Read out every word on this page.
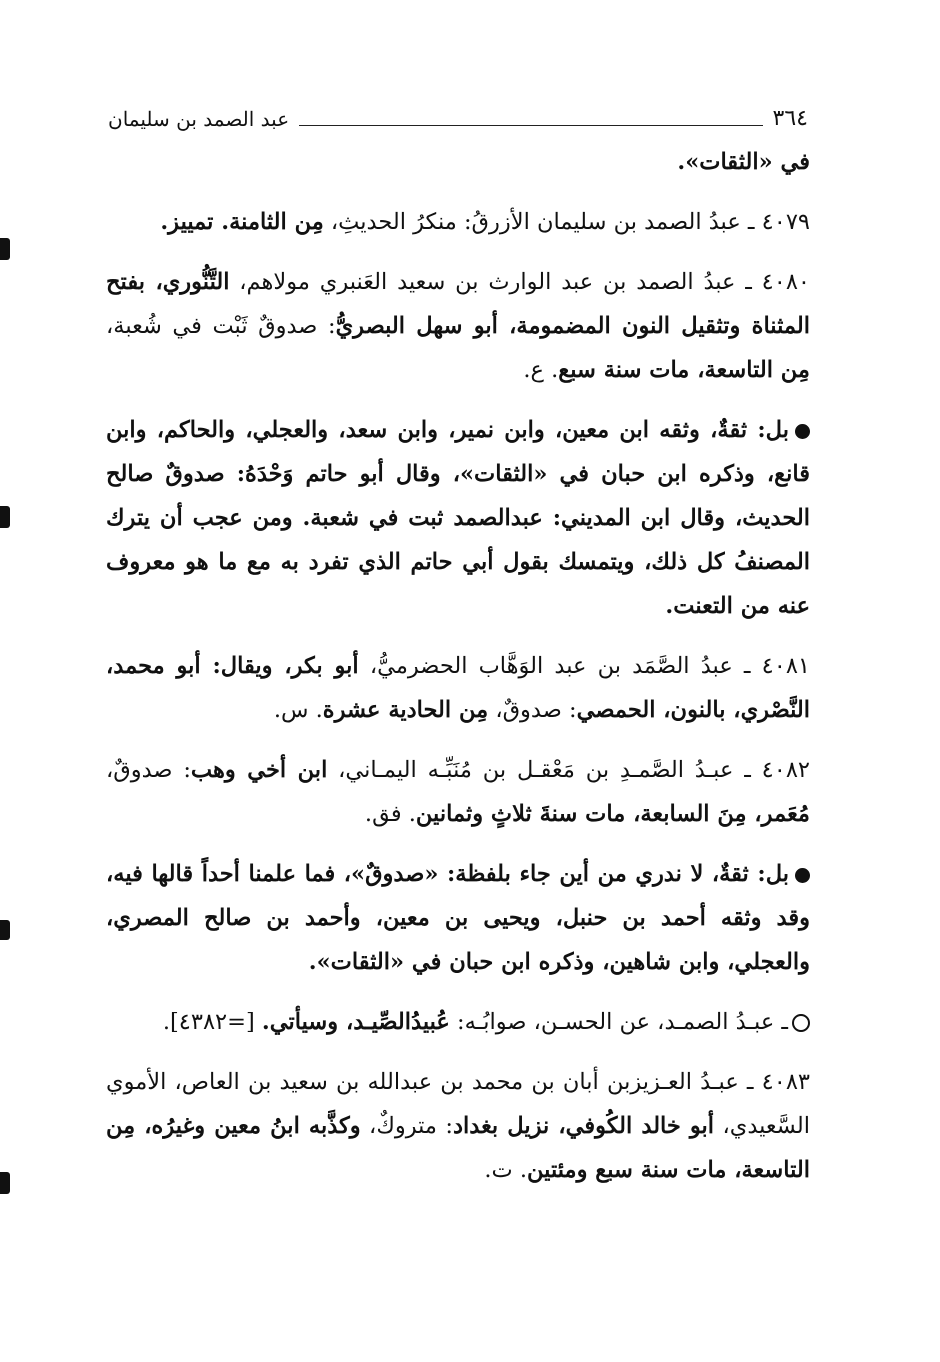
٣٦٤
عبد الصمد بن سليمان

في «الثقات».

٤٠٧٩ ـ عبدُ الصمد بن سليمان الأزرقُ: منكرُ الحديثِ، مِن الثامنة. تمييز.

٤٠٨٠ ـ عبدُ الصمد بن عبد الوارث بن سعيد العَنبري مولاهم، التَّنُّوري، بفتح المثناة وتثقيل النون المضمومة، أبو سهل البصريُّ: صدوقٌ ثَبْت في شُعبة، مِن التاسعة، مات سنة سبع. ع.

بل: ثقةٌ، وثقه ابن معين، وابن نمير، وابن سعد، والعجلي، والحاكم، وابن قانع، وذكره ابن حبان في «الثقات»، وقال أبو حاتم وَحْدَهُ: صدوقٌ صالح الحديث، وقال ابن المديني: عبدالصمد ثبت في شعبة. ومن عجب أن يترك المصنفُ كل ذلك، ويتمسك بقول أبي حاتم الذي تفرد به مع ما هو معروف عنه من التعنت.

٤٠٨١ ـ عبدُ الصَّمَد بن عبد الوَهَّاب الحضرميُّ، أبو بكر، ويقال: أبو محمد، النَّصْري، بالنون، الحمصي: صدوقٌ، مِن الحادية عشرة. س.

٤٠٨٢ ـ عبـدُ الصَّمـدِ بن مَعْقـل بن مُنَبِّـه اليمـاني، ابن أخي وهب: صدوقٌ، مُعَمر، مِنَ السابعة، مات سنةَ ثلاثٍ وثمانين. فق.

بل: ثقةٌ، لا ندري من أين جاء بلفظة: «صدوقٌ»، فما علمنا أحداً قالها فيه، وقد وثقه أحمد بن حنبل، ويحيى بن معين، وأحمد بن صالح المصري، والعجلي، وابن شاهين، وذكره ابن حبان في «الثقات».

ـ عبـدُ الصمـد، عن الحسـن، صوابُـه: عُبيدُالصِّيـد، وسيأتي. [=٤٣٨٢].

٤٠٨٣ ـ عبـدُ العـزيزبن أبان بن محمد بن عبدالله بن سعيد بن العاص، الأموي السَّعيدي، أبو خالد الكُوفي، نزيل بغداد: متروكٌ، وكذَّبه ابنُ معين وغيرُه، مِن التاسعة، مات سنة سبع ومئتين. ت.
